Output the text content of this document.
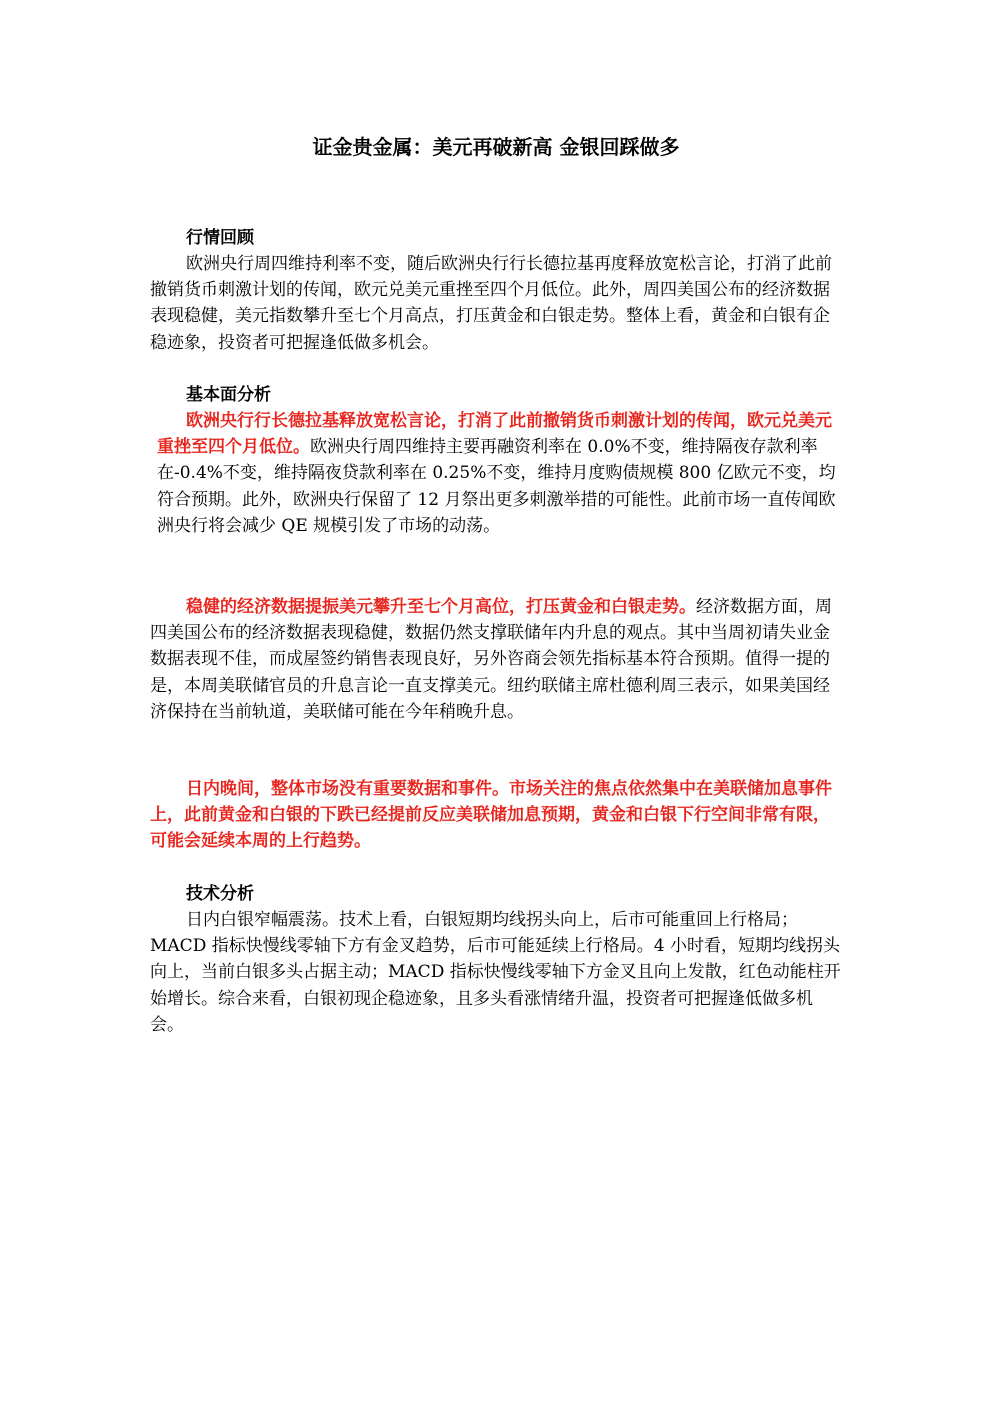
证金贵金属：美元再破新高 金银回踩做多
行情回顾
欧洲央行周四维持利率不变，随后欧洲央行行长德拉基再度释放宽松言论，打消了此前撤销货币刺激计划的传闻，欧元兑美元重挫至四个月低位。此外，周四美国公布的经济数据表现稳健，美元指数攀升至七个月高点，打压黄金和白银走势。整体上看，黄金和白银有企稳迹象，投资者可把握逢低做多机会。
基本面分析
欧洲央行行长德拉基释放宽松言论，打消了此前撤销货币刺激计划的传闻，欧元兑美元重挫至四个月低位。欧洲央行周四维持主要再融资利率在 0.0%不变，维持隔夜存款利率在-0.4%不变，维持隔夜贷款利率在 0.25%不变，维持月度购债规模 800 亿欧元不变，均符合预期。此外，欧洲央行保留了 12 月祭出更多刺激举措的可能性。此前市场一直传闻欧洲央行将会减少 QE 规模引发了市场的动荡。
稳健的经济数据提振美元攀升至七个月高位，打压黄金和白银走势。经济数据方面，周四美国公布的经济数据表现稳健，数据仍然支撑联储年内升息的观点。其中当周初请失业金数据表现不佳，而成屋签约销售表现良好，另外咨商会领先指标基本符合预期。值得一提的是，本周美联储官员的升息言论一直支撑美元。纽约联储主席杜德利周三表示，如果美国经济保持在当前轨道，美联储可能在今年稍晚升息。
日内晚间，整体市场没有重要数据和事件。市场关注的焦点依然集中在美联储加息事件上，此前黄金和白银的下跌已经提前反应美联储加息预期，黄金和白银下行空间非常有限，可能会延续本周的上行趋势。
技术分析
日内白银窄幅震荡。技术上看，白银短期均线拐头向上，后市可能重回上行格局；MACD 指标快慢线零轴下方有金叉趋势，后市可能延续上行格局。4 小时看，短期均线拐头向上，当前白银多头占据主动；MACD 指标快慢线零轴下方金叉且向上发散，红色动能柱开始增长。综合来看，白银初现企稳迹象，且多头看涨情绪升温，投资者可把握逢低做多机会。
